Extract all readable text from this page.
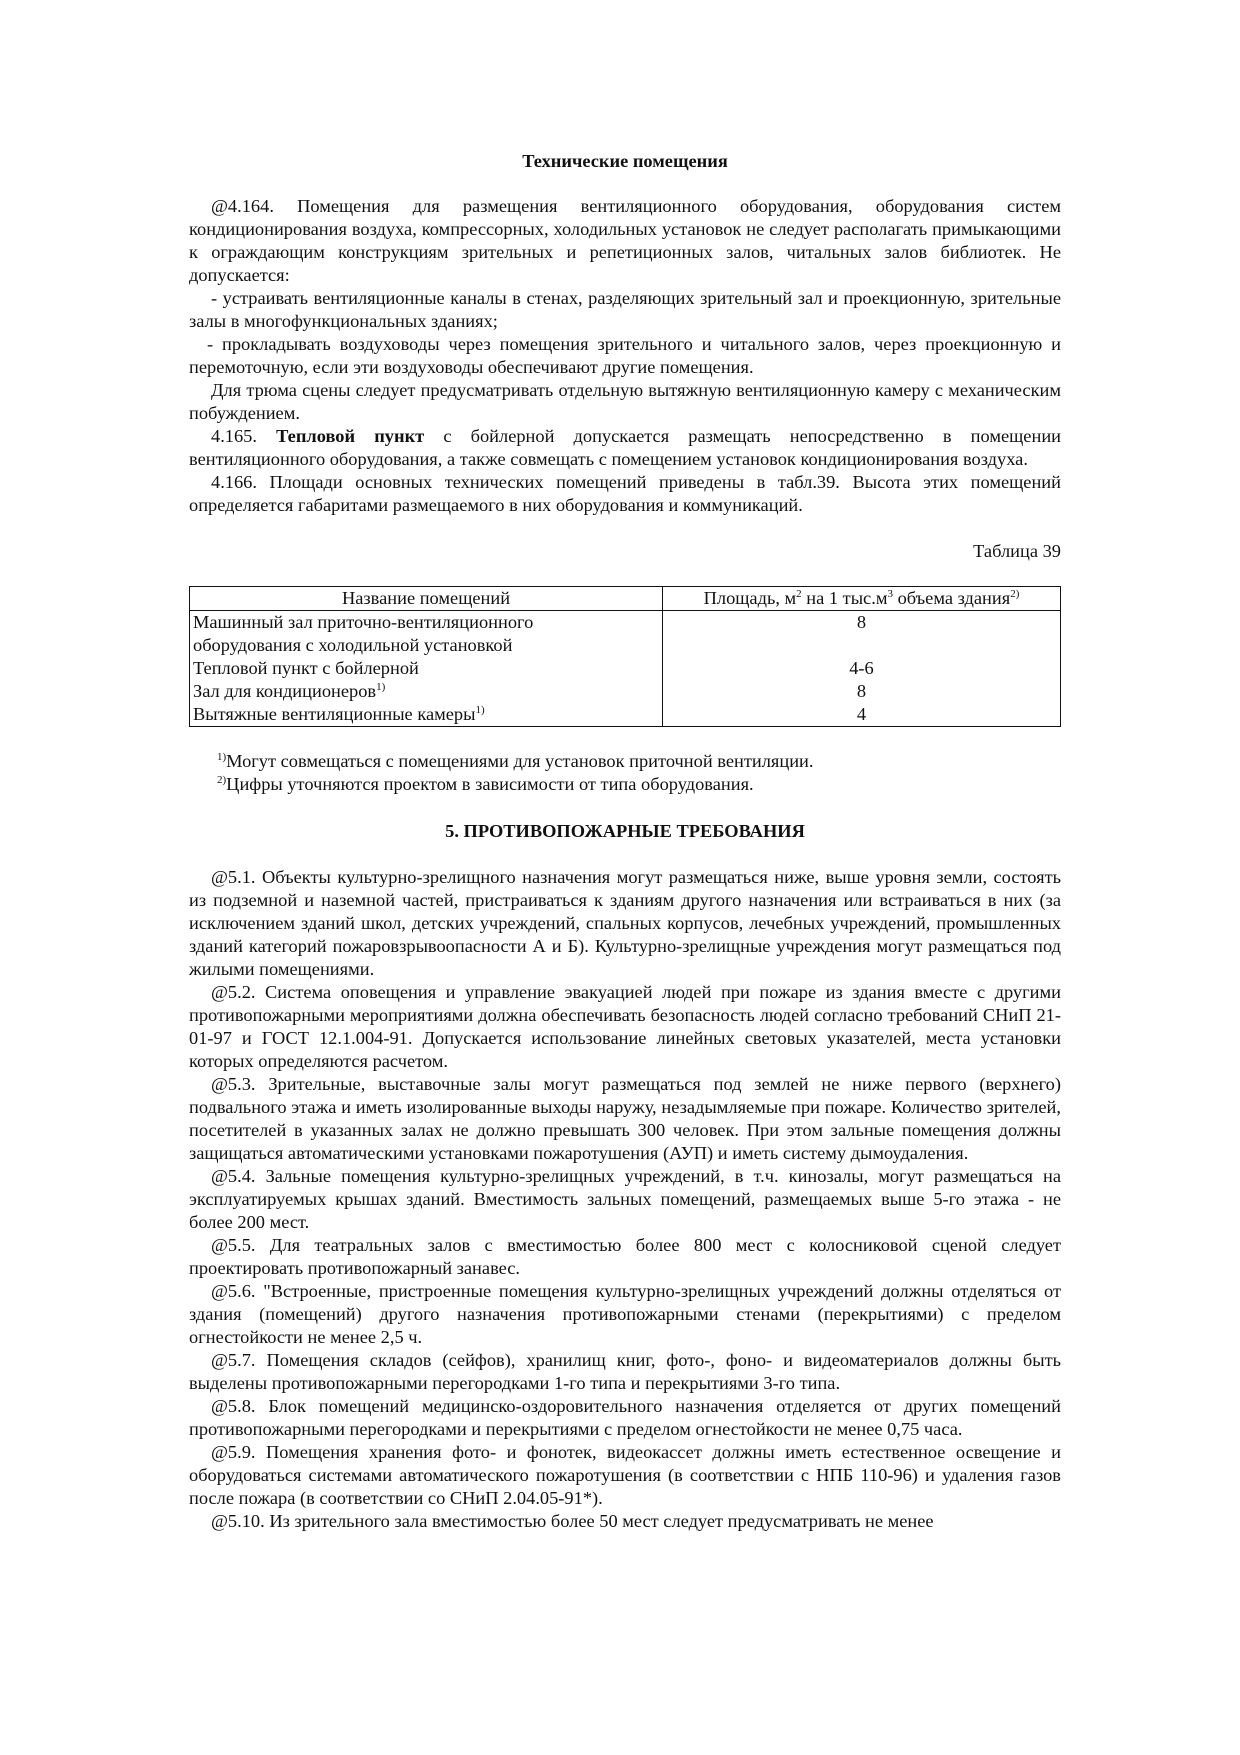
Технические помещения

@4.164. Помещения для размещения вентиляционного оборудования, оборудования систем кондиционирования воздуха, компрессорных, холодильных установок не следует располагать примыкающими к ограждающим конструкциям зрительных и репетиционных залов, читальных залов библиотек. Не допускается:

- устраивать вентиляционные каналы в стенах, разделяющих зрительный зал и проекционную, зрительные залы в многофункциональных зданиях;

- прокладывать воздуховоды через помещения зрительного и читального залов, через проекционную и перемоточную, если эти воздуховоды обеспечивают другие помещения.

Для трюма сцены следует предусматривать отдельную вытяжную вентиляционную камеру с механическим побуждением.

4.165. Тепловой пункт с бойлерной допускается размещать непосредственно в помещении вентиляционного оборудования, а также совмещать с помещением установок кондиционирования воздуха.

4.166. Площади основных технических помещений приведены в табл.39. Высота этих помещений определяется габаритами размещаемого в них оборудования и коммуникаций.

Таблица 39

Название помещений	Площадь, $м^2$ на 1 $тыс.м^3$ объема здания$^{2)}$
Машинный зал приточно-вентиляционного
оборудования с холодильной установкой	8
Тепловой пункт с бойлерной	4-6
Зал для кондиционеров$^{1)}$	8
Вытяжные вентиляционные камеры$^{1)}$	4

$^{1)}$Могут совмещаться с помещениями для установок приточной вентиляции.

$^{2)}$Цифры уточняются проектом в зависимости от типа оборудования.

5. ПРОТИВОПОЖАРНЫЕ ТРЕБОВАНИЯ

@5.1. Объекты культурно-зрелищного назначения могут размещаться ниже, выше уровня земли, состоять из подземной и наземной частей, пристраиваться к зданиям другого назначения или встраиваться в них (за исключением зданий школ, детских учреждений, спальных корпусов, лечебных учреждений, промышленных зданий категорий пожаровзрывоопасности А и Б). Культурно-зрелищные учреждения могут размещаться под жилыми помещениями.

@5.2. Система оповещения и управление эвакуацией людей при пожаре из здания вместе с другими противопожарными мероприятиями должна обеспечивать безопасность людей согласно требований СНиП 21-01-97 и ГОСТ 12.1.004-91. Допускается использование линейных световых указателей, места установки которых определяются расчетом.

@5.3. Зрительные, выставочные залы могут размещаться под землей не ниже первого (верхнего) подвального этажа и иметь изолированные выходы наружу, незадымляемые при пожаре. Количество зрителей, посетителей в указанных залах не должно превышать 300 человек. При этом зальные помещения должны защищаться автоматическими установками пожаротушения (АУП) и иметь систему дымоудаления.

@5.4. Зальные помещения культурно-зрелищных учреждений, в т.ч. кинозалы, могут размещаться на эксплуатируемых крышах зданий. Вместимость зальных помещений, размещаемых выше 5-го этажа - не более 200 мест.

@5.5. Для театральных залов с вместимостью более 800 мест с колосниковой сценой следует проектировать противопожарный занавес.

@5.6. "Встроенные, пристроенные помещения культурно-зрелищных учреждений должны отделяться от здания (помещений) другого назначения противопожарными стенами (перекрытиями) с пределом огнестойкости не менее 2,5 ч.

@5.7. Помещения складов (сейфов), хранилищ книг, фото-, фоно- и видеоматериалов должны быть выделены противопожарными перегородками 1-го типа и перекрытиями 3-го типа.

@5.8. Блок помещений медицинско-оздоровительного назначения отделяется от других помещений противопожарными перегородками и перекрытиями с пределом огнестойкости не менее 0,75 часа.

@5.9. Помещения хранения фото- и фонотек, видеокассет должны иметь естественное освещение и оборудоваться системами автоматического пожаротушения (в соответствии с НПБ 110-96) и удаления газов после пожара (в соответствии со СНиП 2.04.05-91*).

@5.10. Из зрительного зала вместимостью более 50 мест следует предусматривать не менее
